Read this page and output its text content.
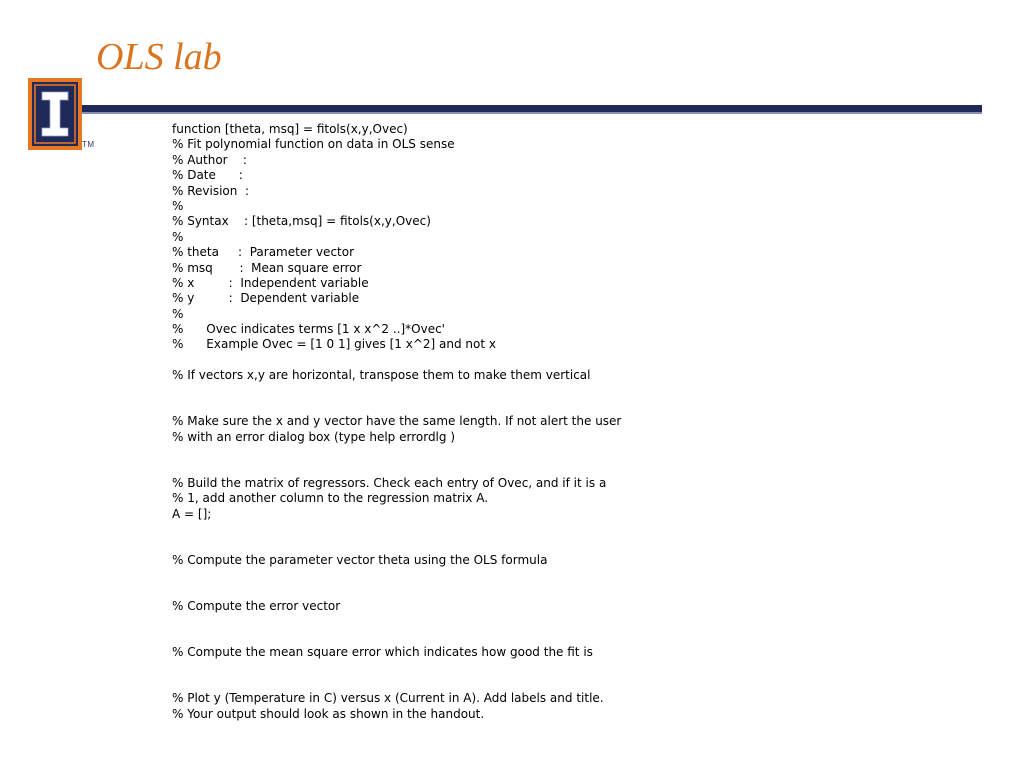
OLS lab
TM
function [theta, msq] = fitols(x,y,Ovec)
% Fit polynomial function on data in OLS sense
% Author    :
% Date      :
% Revision  :
%
% Syntax    : [theta,msq] = fitols(x,y,Ovec)
%
% theta     :  Parameter vector
% msq       :  Mean square error
% x         :  Independent variable
% y         :  Dependent variable
%
%      Ovec indicates terms [1 x x^2 ..]*Ovec'
%      Example Ovec = [1 0 1] gives [1 x^2] and not x
% If vectors x,y are horizontal, transpose them to make them vertical
% Make sure the x and y vector have the same length. If not alert the user
% with an error dialog box (type help errordlg )
% Build the matrix of regressors. Check each entry of Ovec, and if it is a
% 1, add another column to the regression matrix A.
A = [];
% Compute the parameter vector theta using the OLS formula
% Compute the error vector
% Compute the mean square error which indicates how good the fit is
% Plot y (Temperature in C) versus x (Current in A). Add labels and title.
% Your output should look as shown in the handout.
